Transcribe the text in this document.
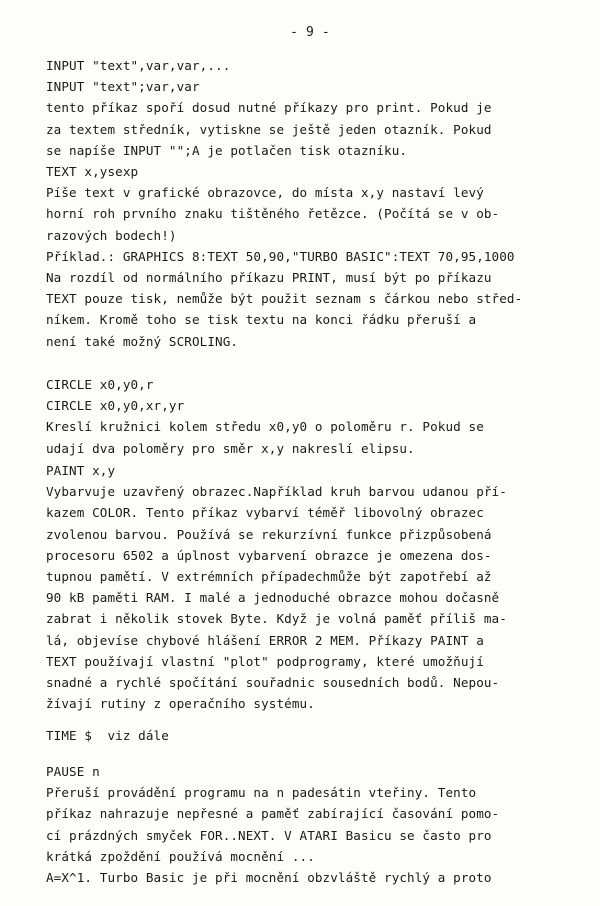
- 9 -
INPUT "text",var,var,...
INPUT "text";var,var
tento příkaz spoří dosud nutné příkazy pro print. Pokud je
za textem středník, vytiskne se ještě jeden otazník. Pokud
se napíše INPUT "";A je potlačen tisk otazníku.
TEXT x,ysexp
Píše text v grafické obrazovce, do místa x,y nastaví levý
horní roh prvního znaku tištěného řetězce. (Počítá se v ob-
razových bodech!)
Příklad.: GRAPHICS 8:TEXT 50,90,"TURBO BASIC":TEXT 70,95,1000
Na rozdíl od normálního příkazu PRINT, musí být po příkazu
TEXT pouze tisk, nemůže být použit seznam s čárkou nebo střed-
níkem. Kromě toho se tisk textu na konci řádku přeruší a
není také možný SCROLING.
CIRCLE x0,y0,r
CIRCLE x0,y0,xr,yr
Kreslí kružnici kolem středu x0,y0 o poloměru r. Pokud se
udají dva poloměry pro směr x,y nakreslí elipsu.
PAINT x,y
Vybarvuje uzavřený obrazec.Například kruh barvou udanou pří-
kazem COLOR. Tento příkaz vybarví téměř libovolný obrazec
zvolenou barvou. Používá se rekurzívní funkce přizpůsobená
procesoru 6502 a úplnost vybarvení obrazce je omezena dos-
tupnou pamětí. V extrémních případechmůže být zapotřebí až
90 kB paměti RAM. I malé a jednoduché obrazce mohou dočasně
zabrat i několik stovek Byte. Když je volná paměť příliš ma-
lá, objevíse chybové hlášení ERROR 2 MEM. Příkazy PAINT a
TEXT používají vlastní "plot" podprogramy, které umožňují
snadné a rychlé spočítání souřadnic sousedních bodů. Nepou-
žívají rutiny z operačního systému.
TIME $  viz dále
PAUSE n
Přeruší provádění programu na n padesátin vteřiny. Tento
příkaz nahrazuje nepřesné a paměť zabírající časování pomo-
cí prázdných smyček FOR..NEXT. V ATARI Basicu se často pro
krátká zpoždění používá mocnění ...
A=X^1. Turbo Basic je při mocnění obzvláště rychlý a proto
